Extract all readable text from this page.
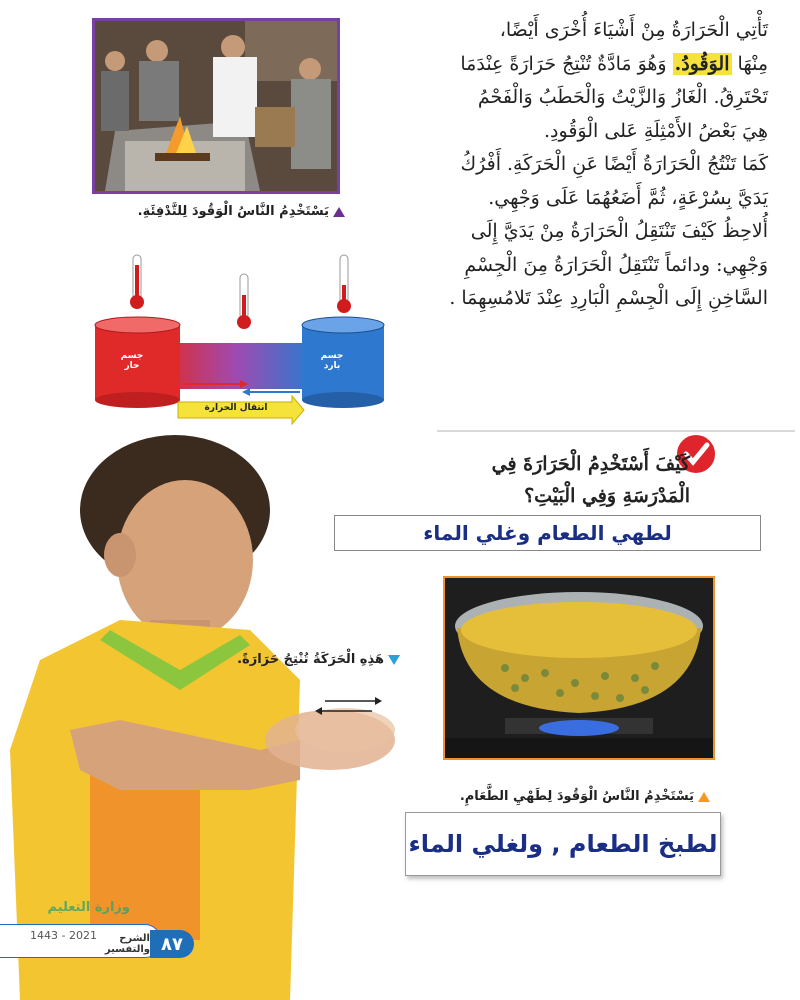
تَأْتِي الْحَرَارَةُ مِنْ أَشْيَاءَ أُخْرَى أَيْضًا،

مِنْهَا الوَقُودُ. وَهُوَ مَادَّةٌ تُنْتِجُ حَرَارَةً عِنْدَمَا

تَحْتَرِقُ. الْغَازُ وَالزَّيْتُ وَالْحَطَبُ وَالْفَحْمُ

هِيَ بَعْضُ الأَمْثِلَةِ عَلى الْوَقُودِ.

كَمَا تَنْتُجُ الْحَرَارَةُ أَيْضًا عَنِ الْحَرَكَةِ. أَفْرُكُ

يَدَيَّ بِسُرْعَةٍ، ثُمَّ أَضَعُهُمَا عَلَى وَجْهِي.

أُلاحِظُ كَيْفَ تَنْتَقِلُ الْحَرَارَةُ مِنْ يَدَيَّ إِلَى

وَجْهِي: ودائماً تَنْتَقِلُ الْحَرَارَةُ مِنَ الْجِسْمِ

السَّاخِنِ إِلَى الْجِسْمِ الْبَارِدِ عِنْدَ تَلامُسِهِمَا .

يَسْتَخْدِمُ النَّاسُ الْوَقُودَ لِلتَّدْفِئَةِ.
جسم حار
جسم بارد
انتقال الحرارة
هَذِهِ الْحَرَكَةُ تُنْتِجُ حَرَارَةً.
كَيْفَ أَسْتَخْدِمُ الْحَرَارَةَ فِي
الْمَدْرَسَةِ وَفِي الْبَيْتِ؟
لطهي الطعام وغلي الماء
يَسْتَخْدِمُ النَّاسُ الْوَقُودَ لِطَهْيِ الطَّعَامِ.
لطبخ الطعام , ولغلي الماء
الشرح والتفسير
1443 - 2021
وزارة التعليم
٨٧
